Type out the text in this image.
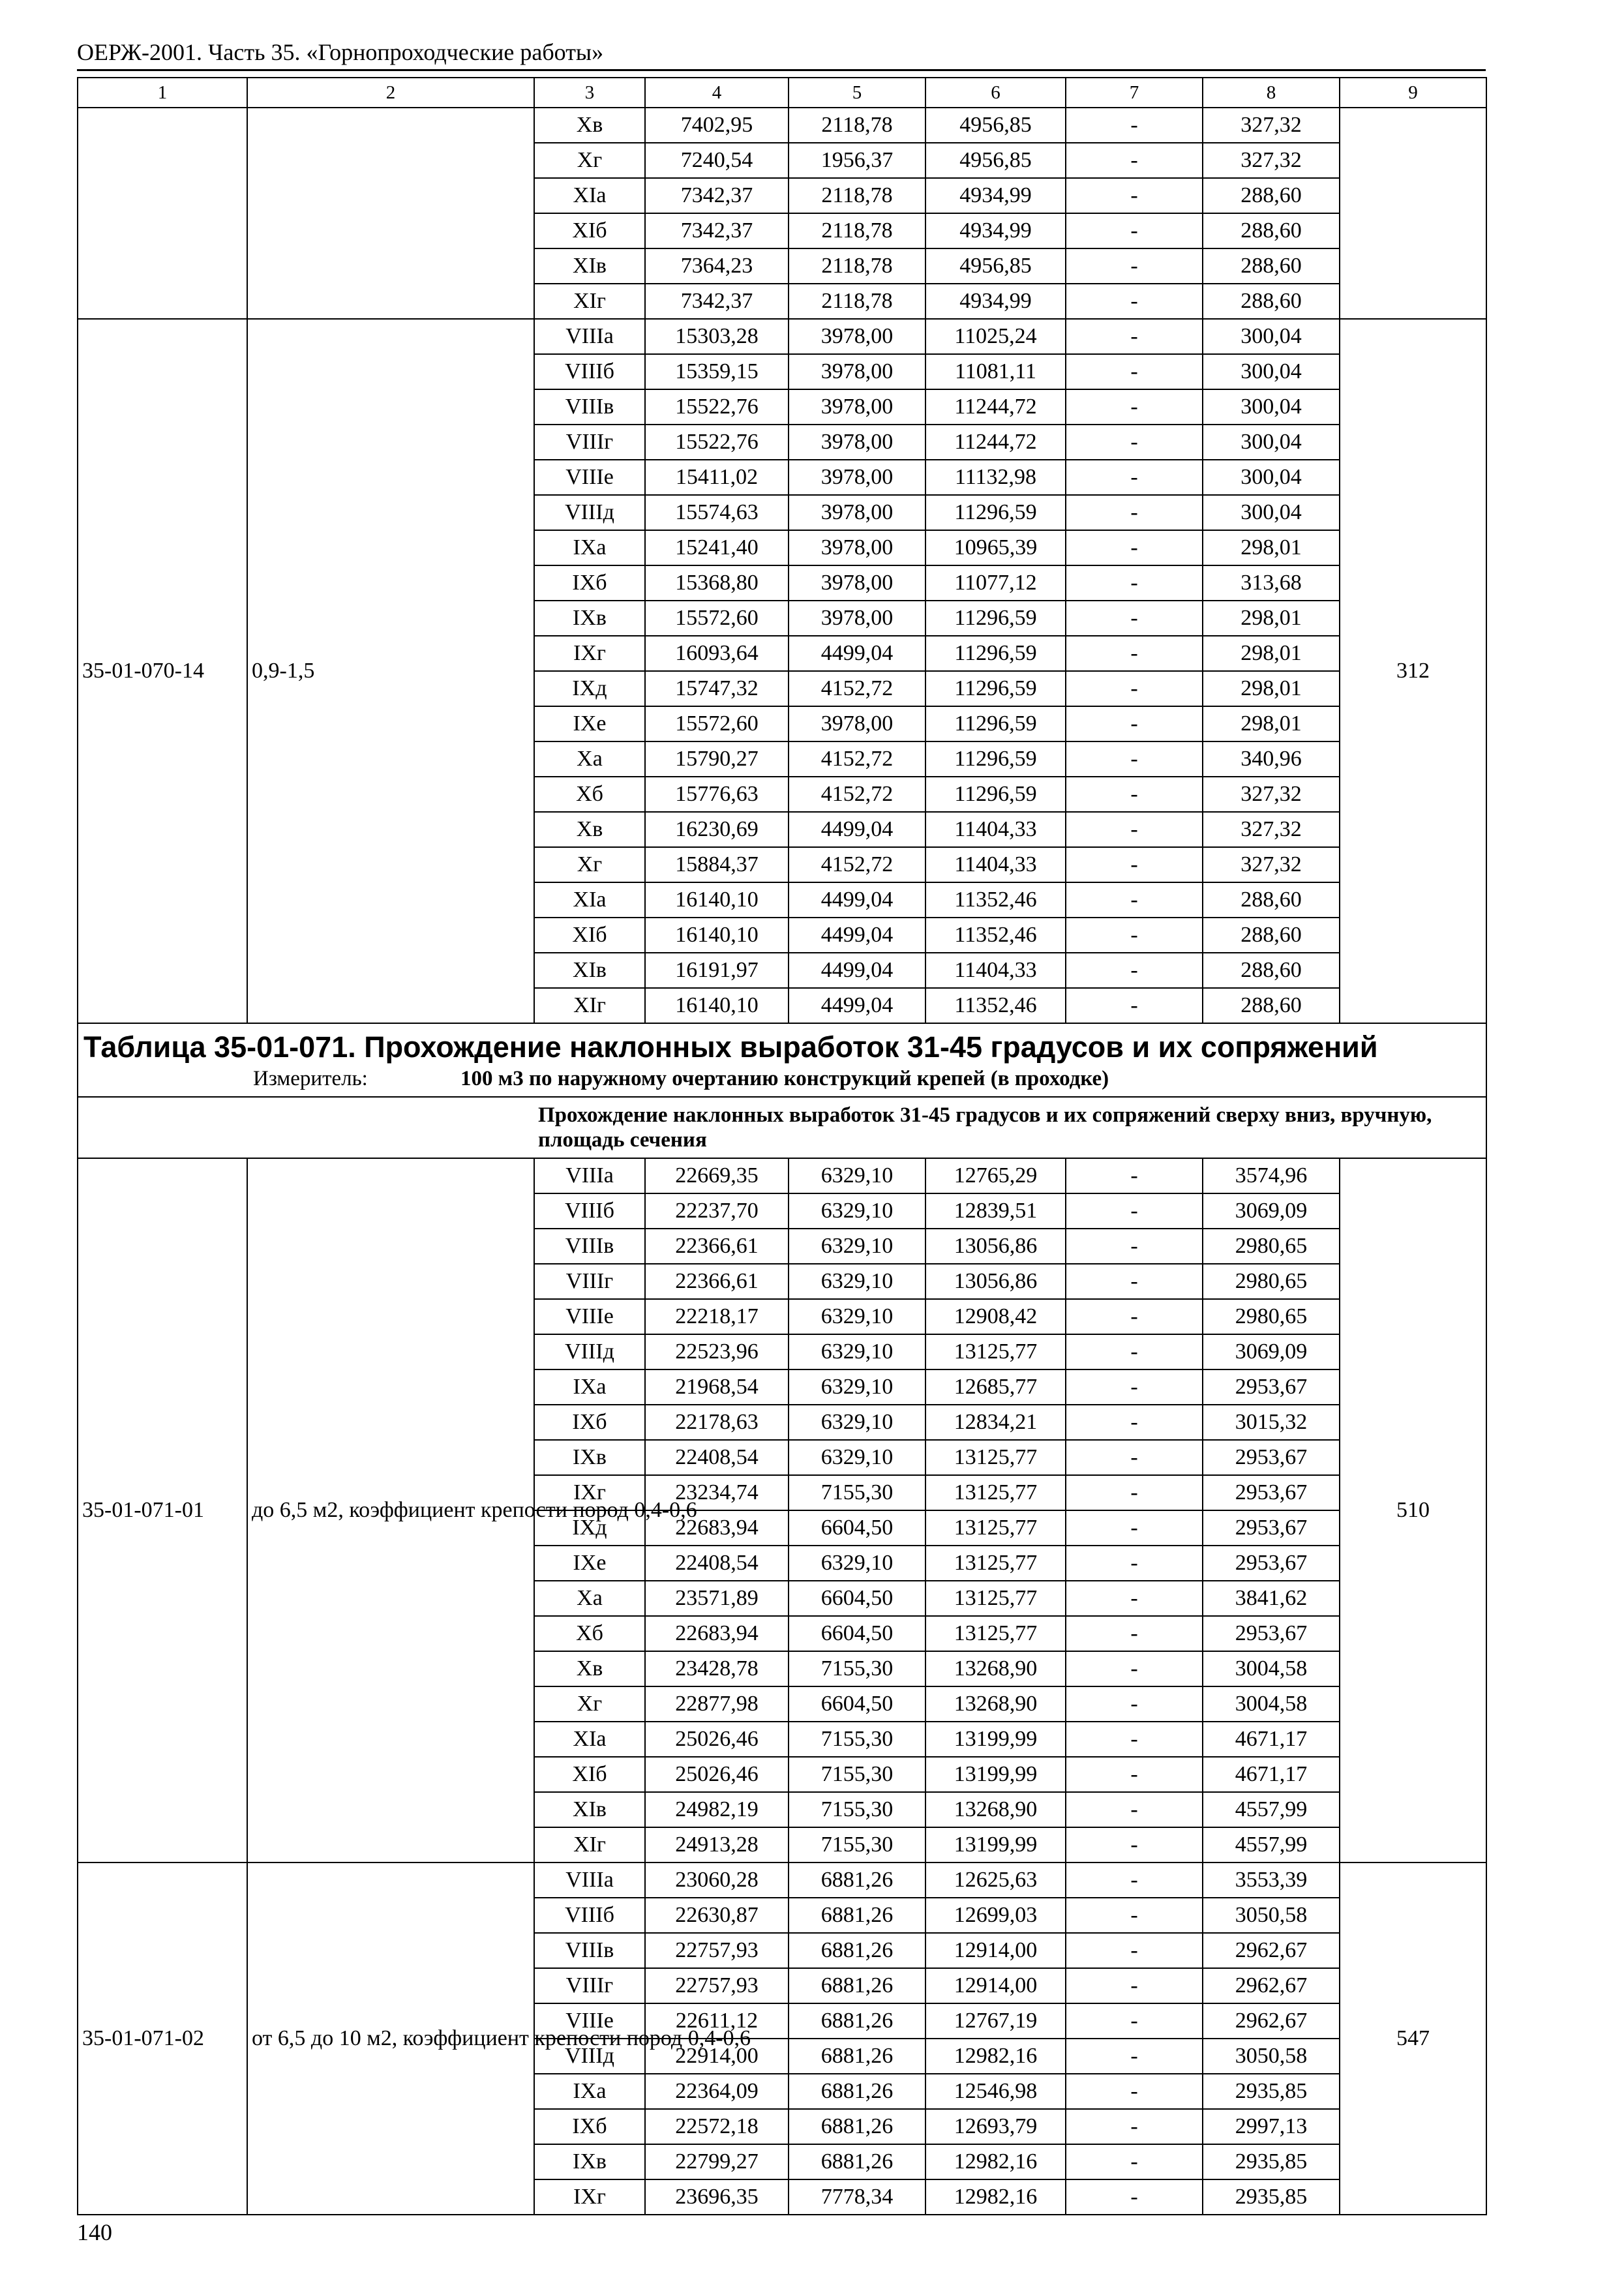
ОЕРЖ-2001. Часть 35. «Горнопроходческие работы»
1	2	3	4	5	6	7	8	9
		Хв	7402,95	2118,78	4956,85	-	327,32	
		Хг	7240,54	1956,37	4956,85	-	327,32	
		ХIа	7342,37	2118,78	4934,99	-	288,60	
		ХIб	7342,37	2118,78	4934,99	-	288,60	
		ХIв	7364,23	2118,78	4956,85	-	288,60	
		ХIг	7342,37	2118,78	4934,99	-	288,60	
35-01-070-14	0,9-1,5	VIIIа	15303,28	3978,00	11025,24	-	300,04	312
		VIIIб	15359,15	3978,00	11081,11	-	300,04	
		VIIIв	15522,76	3978,00	11244,72	-	300,04	
		VIIIг	15522,76	3978,00	11244,72	-	300,04	
		VIIIе	15411,02	3978,00	11132,98	-	300,04	
		VIIIд	15574,63	3978,00	11296,59	-	300,04	
		IХа	15241,40	3978,00	10965,39	-	298,01	
		IХб	15368,80	3978,00	11077,12	-	313,68	
		IХв	15572,60	3978,00	11296,59	-	298,01	
		IХг	16093,64	4499,04	11296,59	-	298,01	
		IХд	15747,32	4152,72	11296,59	-	298,01	
		IХе	15572,60	3978,00	11296,59	-	298,01	
		Ха	15790,27	4152,72	11296,59	-	340,96	
		Хб	15776,63	4152,72	11296,59	-	327,32	
		Хв	16230,69	4499,04	11404,33	-	327,32	
		Хг	15884,37	4152,72	11404,33	-	327,32	
		ХIа	16140,10	4499,04	11352,46	-	288,60	
		ХIб	16140,10	4499,04	11352,46	-	288,60	
		ХIв	16191,97	4499,04	11404,33	-	288,60	
		ХIг	16140,10	4499,04	11352,46	-	288,60	
Таблица 35-01-071. Прохождение наклонных выработок 31-45 градусов и их сопряжений								

Измеритель: 100 м3 по наружному очертанию конструкций крепей (в проходке)								

		Прохождение наклонных выработок 31-45 градусов и их сопряжений сверху вниз, вручную, площадь сечения						
35-01-071-01	до 6,5 м2, коэффициент крепости пород 0,4-0,6	VIIIа	22669,35	6329,10	12765,29	-	3574,96	510
		VIIIб	22237,70	6329,10	12839,51	-	3069,09	
		VIIIв	22366,61	6329,10	13056,86	-	2980,65	
		VIIIг	22366,61	6329,10	13056,86	-	2980,65	
		VIIIе	22218,17	6329,10	12908,42	-	2980,65	
		VIIIд	22523,96	6329,10	13125,77	-	3069,09	
		IХа	21968,54	6329,10	12685,77	-	2953,67	
		IХб	22178,63	6329,10	12834,21	-	3015,32	
		IХв	22408,54	6329,10	13125,77	-	2953,67	
		IХг	23234,74	7155,30	13125,77	-	2953,67	
		IХд	22683,94	6604,50	13125,77	-	2953,67	
		IХе	22408,54	6329,10	13125,77	-	2953,67	
		Ха	23571,89	6604,50	13125,77	-	3841,62	
		Хб	22683,94	6604,50	13125,77	-	2953,67	
		Хв	23428,78	7155,30	13268,90	-	3004,58	
		Хг	22877,98	6604,50	13268,90	-	3004,58	
		ХIа	25026,46	7155,30	13199,99	-	4671,17	
		ХIб	25026,46	7155,30	13199,99	-	4671,17	
		ХIв	24982,19	7155,30	13268,90	-	4557,99	
		ХIг	24913,28	7155,30	13199,99	-	4557,99	
35-01-071-02	от 6,5 до 10 м2, коэффициент крепости пород 0,4-0,6	VIIIа	23060,28	6881,26	12625,63	-	3553,39	547
		VIIIб	22630,87	6881,26	12699,03	-	3050,58	
		VIIIв	22757,93	6881,26	12914,00	-	2962,67	
		VIIIг	22757,93	6881,26	12914,00	-	2962,67	
		VIIIе	22611,12	6881,26	12767,19	-	2962,67	
		VIIIд	22914,00	6881,26	12982,16	-	3050,58	
		IХа	22364,09	6881,26	12546,98	-	2935,85	
		IХб	22572,18	6881,26	12693,79	-	2997,13	
		IХв	22799,27	6881,26	12982,16	-	2935,85	
		IХг	23696,35	7778,34	12982,16	-	2935,85	
140
